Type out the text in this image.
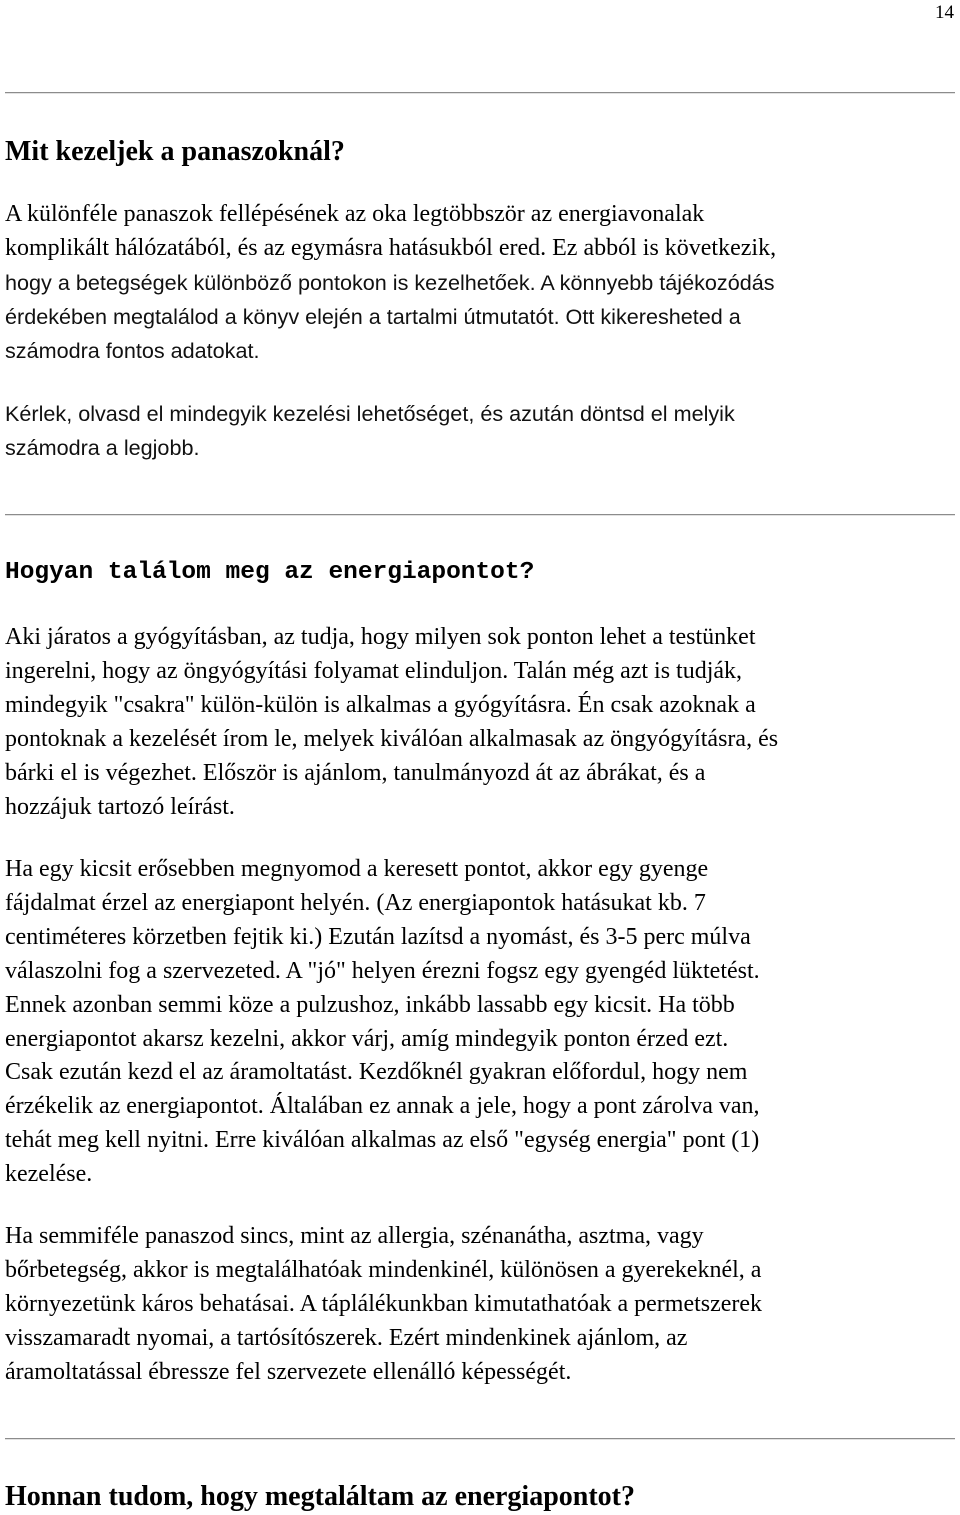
14
Mit kezeljek a panaszoknál?

A különféle panaszok fellépésének az oka legtöbbször az energiavonalak
komplikált hálózatából, és az egymásra hatásukból ered. Ez abból is következik,
hogy a betegségek különböző pontokon is kezelhetőek. A könnyebb tájékozódás
érdekében megtalálod a könyv elején a tartalmi útmutatót. Ott kikeresheted a
számodra fontos adatokat.

Kérlek, olvasd el mindegyik kezelési lehetőséget, és azután döntsd el melyik
számodra a legjobb.

Hogyan találom meg az energiapontot?

Aki járatos a gyógyításban, az tudja, hogy milyen sok ponton lehet a testünket
ingerelni, hogy az öngyógyítási folyamat elinduljon. Talán még azt is tudják,
mindegyik "csakra" külön-külön is alkalmas a gyógyításra. Én csak azoknak a
pontoknak a kezelését írom le, melyek kiválóan alkalmasak az öngyógyításra, és
bárki el is végezhet. Először is ajánlom, tanulmányozd át az ábrákat, és a
hozzájuk tartozó leírást.

Ha egy kicsit erősebben megnyomod a keresett pontot, akkor egy gyenge
fájdalmat érzel az energiapont helyén. (Az energiapontok hatásukat kb. 7
centiméteres körzetben fejtik ki.) Ezután lazítsd a nyomást, és 3-5 perc múlva
válaszolni fog a szervezeted. A "jó" helyen érezni fogsz egy gyengéd lüktetést.
Ennek azonban semmi köze a pulzushoz, inkább lassabb egy kicsit. Ha több
energiapontot akarsz kezelni, akkor várj, amíg mindegyik ponton érzed ezt.
Csak ezután kezd el az áramoltatást. Kezdőknél gyakran előfordul, hogy nem
érzékelik az energiapontot. Általában ez annak a jele, hogy a pont zárolva van,
tehát meg kell nyitni. Erre kiválóan alkalmas az első "egység energia" pont (1)
kezelése.

Ha semmiféle panaszod sincs, mint az allergia, szénanátha, asztma, vagy
bőrbetegség, akkor is megtalálhatóak mindenkinél, különösen a gyerekeknél, a
környezetünk káros behatásai. A táplálékunkban kimutathatóak a permetszerek
visszamaradt nyomai, a tartósítószerek. Ezért mindenkinek ajánlom, az
áramoltatással ébressze fel szervezete ellenálló képességét.

Honnan tudom, hogy megtaláltam az energiapontot?
